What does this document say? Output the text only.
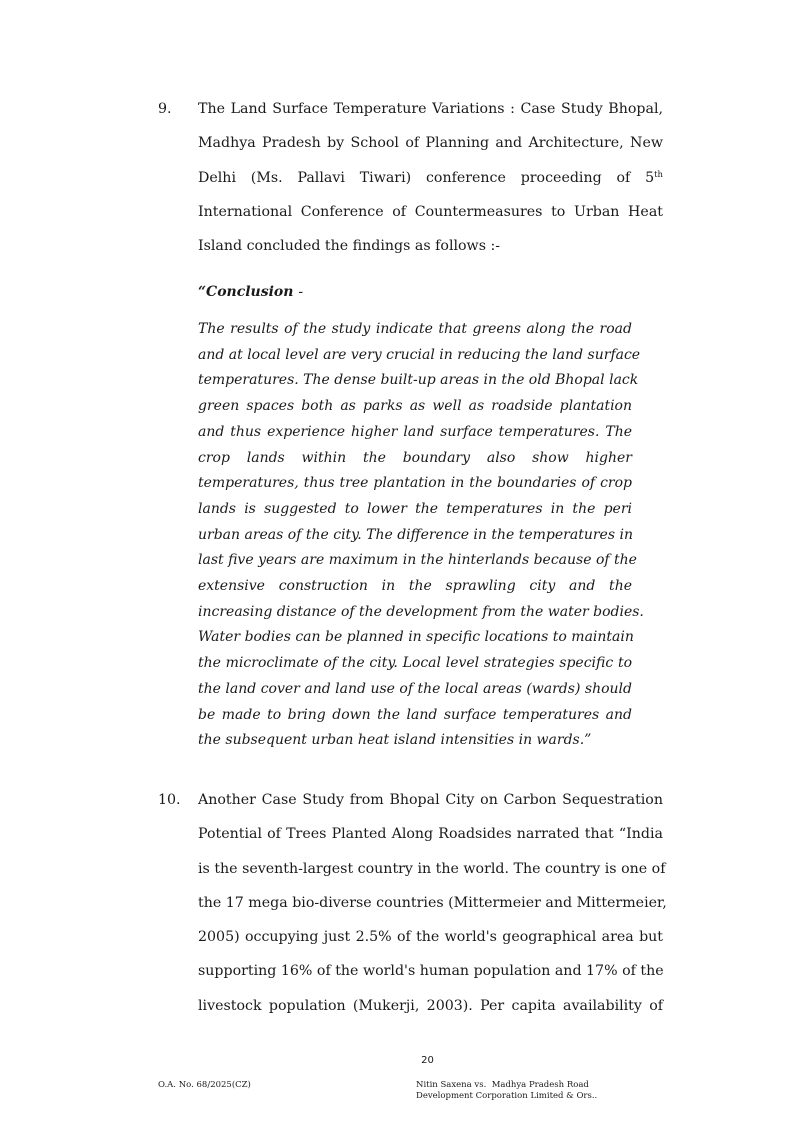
9. The Land Surface Temperature Variations : Case Study Bhopal,
Madhya Pradesh by School of Planning and Architecture, New
Delhi (Ms. Pallavi Tiwari) conference proceeding of 5th
International Conference of Countermeasures to Urban Heat
Island concluded the findings as follows :-
“Conclusion -
The results of the study indicate that greens along the road
and at local level are very crucial in reducing the land surface
temperatures. The dense built-up areas in the old Bhopal lack
green spaces both as parks as well as roadside plantation
and thus experience higher land surface temperatures. The
crop lands within the boundary also show higher
temperatures, thus tree plantation in the boundaries of crop
lands is suggested to lower the temperatures in the peri
urban areas of the city. The difference in the temperatures in
last five years are maximum in the hinterlands because of the
extensive construction in the sprawling city and the
increasing distance of the development from the water bodies.
Water bodies can be planned in specific locations to maintain
the microclimate of the city. Local level strategies specific to
the land cover and land use of the local areas (wards) should
be made to bring down the land surface temperatures and
the subsequent urban heat island intensities in wards.”
10. Another Case Study from Bhopal City on Carbon Sequestration
Potential of Trees Planted Along Roadsides narrated that “India
is the seventh-largest country in the world. The country is one of
the 17 mega bio-diverse countries (Mittermeier and Mittermeier,
2005) occupying just 2.5% of the world's geographical area but
supporting 16% of the world's human population and 17% of the
livestock population (Mukerji, 2003). Per capita availability of
20
O.A. No. 68/2025(CZ)	Nitin Saxena vs.  Madhya Pradesh Road
Development Corporation Limited & Ors..
